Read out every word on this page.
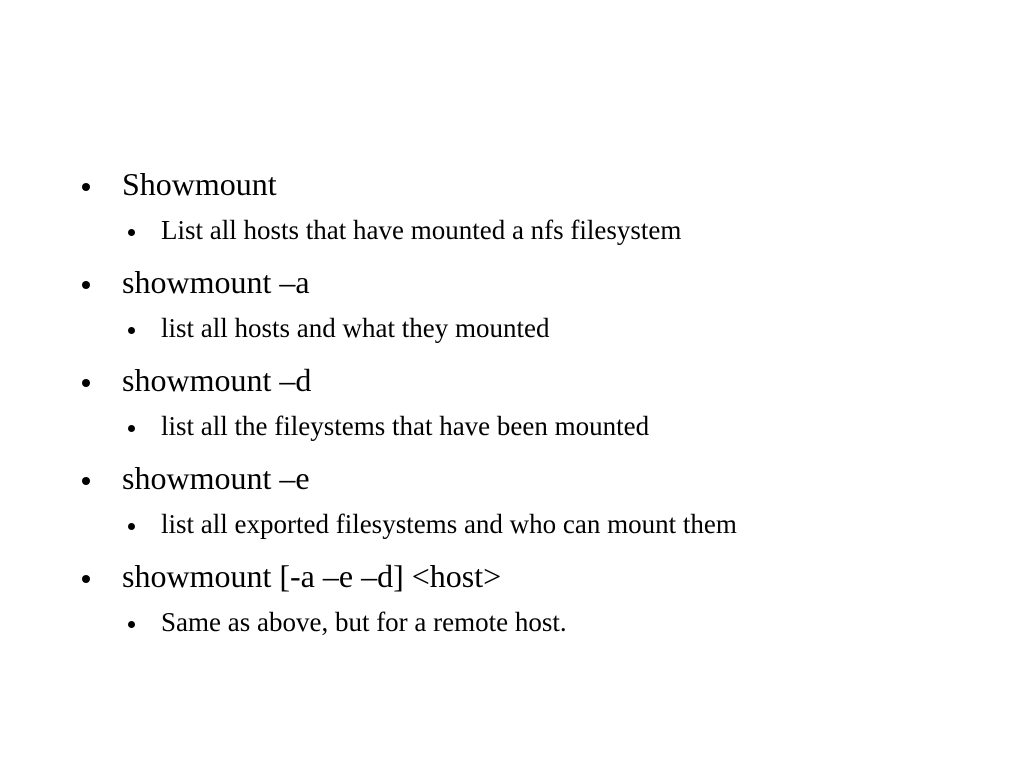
Showmount
List all hosts that have mounted a nfs filesystem
showmount –a
list all hosts and what they mounted
showmount –d
list all the fileystems that have been mounted
showmount –e
list all exported filesystems and who can mount them
showmount [-a –e –d] <host>
Same as above, but for a remote host.
